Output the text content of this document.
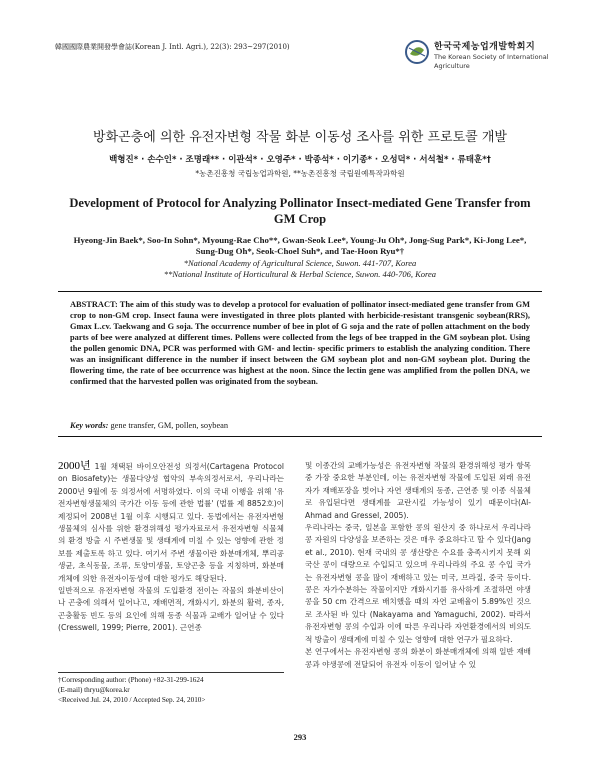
韓國國際農業開發學會誌(Korean J. Intl. Agri.), 22(3): 293~297(2010)	한국국제농업개발학회지
The Korean Society of International Agriculture
방화곤충에 의한 유전자변형 작물 화분 이동성 조사를 위한 프로토콜 개발
백형진* · 손수인* · 조명래** · 이관석* · 오영주* · 박종석* · 이기종* · 오성덕* · 서석철* · 류태훈*†
*농촌진흥청 국립농업과학원, **농촌진흥청 국립원예특작과학원
Development of Protocol for Analyzing Pollinator Insect-mediated Gene Transfer from GM Crop
Hyeong-Jin Baek*, Soo-In Sohn*, Myoung-Rae Cho**, Gwan-Seok Lee*, Young-Ju Oh*, Jong-Sug Park*, Ki-Jong Lee*, Sung-Dug Oh*, Seok-Choel Suh*, and Tae-Hoon Ryu*†
*National Academy of Agricultural Science, Suwon. 441-707, Korea
**National Institute of Horticultural & Herbal Science, Suwon. 440-706, Korea
ABSTRACT: The aim of this study was to develop a protocol for evaluation of pollinator insect-mediated gene transfer from GM crop to non-GM crop. Insect fauna were investigated in three plots planted with herbicide-resistant transgenic soybean(RRS), Gmax L.cv. Taekwang and G soja. The occurrence number of bee in plot of G soja and the rate of pollen attachment on the body parts of bee were analyzed at different times. Pollens were collected from the legs of bee trapped in the GM soybean plot. Using the pollen genomic DNA, PCR was performed with GM- and lectin- specific primers to establish the analyzing condition. There was an insignificant difference in the number if insect between the GM soybean plot and non-GM soybean plot. During the flowering time, the rate of bee occurrence was highest at the noon. Since the lectin gene was amplified from the pollen DNA, we confirmed that the harvested pollen was originated from the soybean.
Key words: gene transfer, GM, pollen, soybean

2000년 1월 채택된 바이오안전성 의정서(Cartagena Protocol on Biosafety)는 생물다양성 협약의 부속의정서로서, 우리나라는 2000년 9월에 동 의정서에 서명하였다. 이의 국내 이행을 위해 '유전자변형생물체의 국가간 이동 등에 관한 법률' (법률 제 8852호)이 제정되어 2008년 1월 이후 시행되고 있다. 동법에서는 유전자변형생물체의 심사를 위한 환경위해성 평가자료로서 유전자변형 식물체의 환경 방출 시 주변생물 및 생태계에 미칠 수 있는 영향에 관한 정보를 제출토록 하고 있다. 여기서 주변 생물이란 화분매개체, 뿌리공생균, 초식동물, 조류, 토양미생물, 토양곤충 등을 지칭하며, 화분매개체에 의한 유전자이동성에 대한 평가도 해당된다.

일반적으로 유전자변형 작물의 도입환경 전이는 작물의 화분비산이나 곤충에 의해서 일어나고, 재배면적, 개화시기, 화분의 활력, 종자, 곤충활동 빈도 등의 요인에 의해 동종 식물과 교배가 일어날 수 있다(Cresswell, 1999; Pierre, 2001). 근연종

및 이종간의 교배가능성은 유전자변형 작물의 환경위해성 평가 항목 중 가장 중요한 부분인데, 이는 유전자변형 작물에 도입된 외래 유전자가 재배포장을 벗어나 자연 생태계의 동종, 근연종 및 이종 식물체로 유입된다면 생태계를 교란시킬 가능성이 있기 때문이다(Al-Ahmad and Gressel, 2005).

우리나라는 중국, 일본을 포함한 콩의 원산지 중 하나로서 우리나라 콩 자원의 다양성을 보존하는 것은 매우 중요하다고 할 수 있다(Jang et al., 2010). 현재 국내의 콩 생산량은 수요를 충족시키지 못해 외국산 콩이 대량으로 수입되고 있으며 우리나라의 주요 콩 수입 국가는 유전자변형 콩을 많이 재배하고 있는 미국, 브라질, 중국 등이다. 콩은 자가수분하는 작물이지만 개화시기를 유사하게 조절하면 야생콩을 50 cm 간격으로 배치했을 때의 자연 교배율이 5.89%인 것으로 조사된 바 있다 (Nakayama and Yamaguchi, 2002). 따라서 유전자변형 콩의 수입과 이에 따른 우리나라 자연환경에서의 비의도적 방출이 생태계에 미칠 수 있는 영향에 대한 연구가 필요하다.

본 연구에서는 유전자변형 콩의 화분이 화분매개체에 의해 일반 재배콩과 야생콩에 전달되어 유전자 이동이 일어날 수 있

†Corresponding author: (Phone) +82-31-299-1624
(E-mail) thryu@korea.kr
<Received Jul. 24, 2010 / Accepted Sep. 24, 2010>
293
